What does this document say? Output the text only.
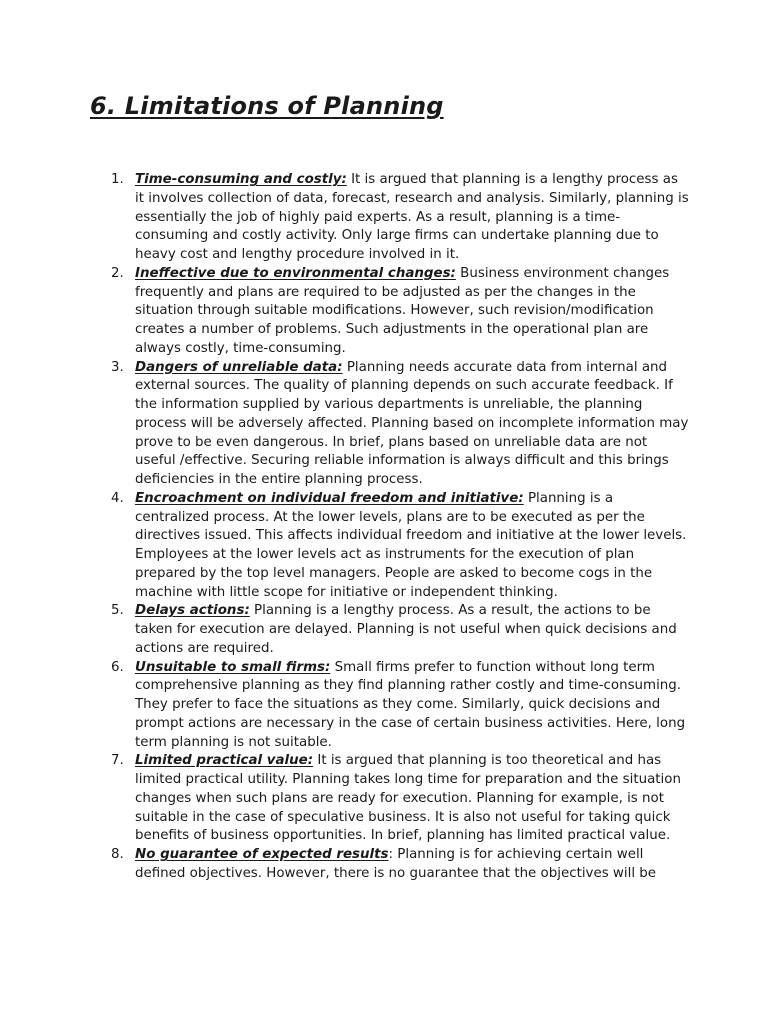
6. Limitations of Planning
1. Time-consuming and costly: It is argued that planning is a lengthy process as it involves collection of data, forecast, research and analysis. Similarly, planning is essentially the job of highly paid experts. As a result, planning is a time-consuming and costly activity. Only large firms can undertake planning due to heavy cost and lengthy procedure involved in it.
2. Ineffective due to environmental changes: Business environment changes frequently and plans are required to be adjusted as per the changes in the situation through suitable modifications. However, such revision/modification creates a number of problems. Such adjustments in the operational plan are always costly, time-consuming.
3. Dangers of unreliable data: Planning needs accurate data from internal and external sources. The quality of planning depends on such accurate feedback. If the information supplied by various departments is unreliable, the planning process will be adversely affected. Planning based on incomplete information may prove to be even dangerous. In brief, plans based on unreliable data are not useful /effective. Securing reliable information is always difficult and this brings deficiencies in the entire planning process.
4. Encroachment on individual freedom and initiative: Planning is a centralized process. At the lower levels, plans are to be executed as per the directives issued. This affects individual freedom and initiative at the lower levels. Employees at the lower levels act as instruments for the execution of plan prepared by the top level managers. People are asked to become cogs in the machine with little scope for initiative or independent thinking.
5. Delays actions: Planning is a lengthy process. As a result, the actions to be taken for execution are delayed. Planning is not useful when quick decisions and actions are required.
6. Unsuitable to small firms: Small firms prefer to function without long term comprehensive planning as they find planning rather costly and time-consuming. They prefer to face the situations as they come. Similarly, quick decisions and prompt actions are necessary in the case of certain business activities. Here, long term planning is not suitable.
7. Limited practical value: It is argued that planning is too theoretical and has limited practical utility. Planning takes long time for preparation and the situation changes when such plans are ready for execution. Planning for example, is not suitable in the case of speculative business. It is also not useful for taking quick benefits of business opportunities. In brief, planning has limited practical value.
8. No guarantee of expected results: Planning is for achieving certain well defined objectives. However, there is no guarantee that the objectives will be
